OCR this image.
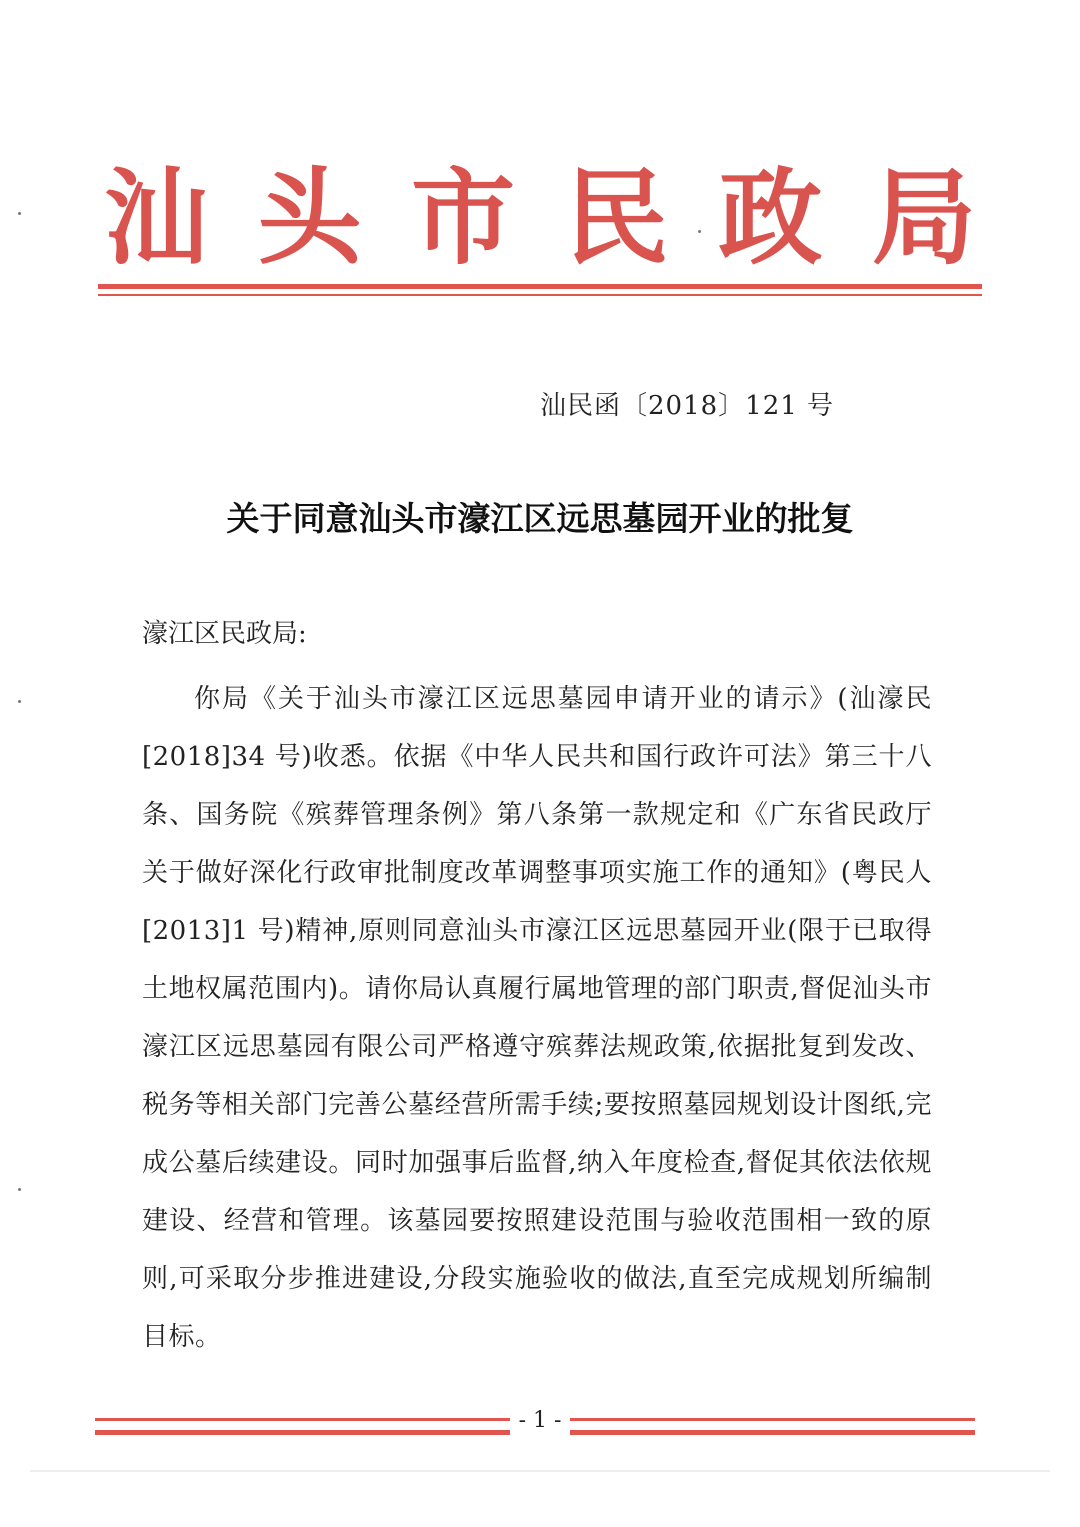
汕 头 市 民 政 局
汕民函〔2018〕121 号
关于同意汕头市濠江区远思墓园开业的批复
濠江区民政局:

你局《关于汕头市濠江区远思墓园申请开业的请示》(汕濠民[2018]34 号)收悉。依据《中华人民共和国行政许可法》第三十八条、国务院《殡葬管理条例》第八条第一款规定和《广东省民政厅关于做好深化行政审批制度改革调整事项实施工作的通知》(粤民人[2013]1 号)精神,原则同意汕头市濠江区远思墓园开业(限于已取得土地权属范围内)。请你局认真履行属地管理的部门职责,督促汕头市濠江区远思墓园有限公司严格遵守殡葬法规政策,依据批复到发改、税务等相关部门完善公墓经营所需手续;要按照墓园规划设计图纸,完成公墓后续建设。同时加强事后监督,纳入年度检查,督促其依法依规建设、经营和管理。该墓园要按照建设范围与验收范围相一致的原则,可采取分步推进建设,分段实施验收的做法,直至完成规划所编制目标。

- 1 -
